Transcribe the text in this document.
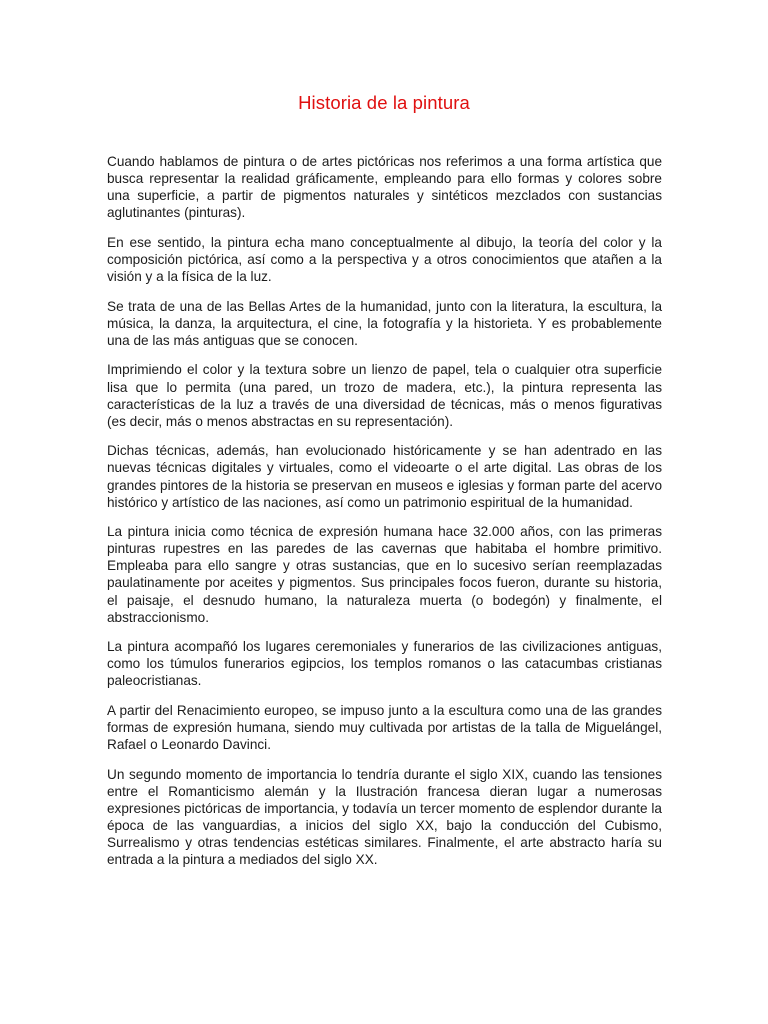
Historia de la pintura

Cuando hablamos de pintura o de artes pictóricas nos referimos a una forma artística que busca representar la realidad gráficamente, empleando para ello formas y colores sobre una superficie, a partir de pigmentos naturales y sintéticos mezclados con sustancias aglutinantes (pinturas).

En ese sentido, la pintura echa mano conceptualmente al dibujo, la teoría del color y la composición pictórica, así como a la perspectiva y a otros conocimientos que atañen a la visión y a la física de la luz.

Se trata de una de las Bellas Artes de la humanidad, junto con la literatura, la escultura, la música, la danza, la arquitectura, el cine, la fotografía y la historieta. Y es probablemente una de las más antiguas que se conocen.

Imprimiendo el color y la textura sobre un lienzo de papel, tela o cualquier otra superficie lisa que lo permita (una pared, un trozo de madera, etc.), la pintura representa las características de la luz a través de una diversidad de técnicas, más o menos figurativas (es decir, más o menos abstractas en su representación).

Dichas técnicas, además, han evolucionado históricamente y se han adentrado en las nuevas técnicas digitales y virtuales, como el videoarte o el arte digital. Las obras de los grandes pintores de la historia se preservan en museos e iglesias y forman parte del acervo histórico y artístico de las naciones, así como un patrimonio espiritual de la humanidad.

La pintura inicia como técnica de expresión humana hace 32.000 años, con las primeras pinturas rupestres en las paredes de las cavernas que habitaba el hombre primitivo. Empleaba para ello sangre y otras sustancias, que en lo sucesivo serían reemplazadas paulatinamente por aceites y pigmentos. Sus principales focos fueron, durante su historia, el paisaje, el desnudo humano, la naturaleza muerta (o bodegón) y finalmente, el abstraccionismo.

La pintura acompañó los lugares ceremoniales y funerarios de las civilizaciones antiguas, como los túmulos funerarios egipcios, los templos romanos o las catacumbas cristianas paleocristianas.

A partir del Renacimiento europeo, se impuso junto a la escultura como una de las grandes formas de expresión humana, siendo muy cultivada por artistas de la talla de Miguelángel, Rafael o Leonardo Davinci.

Un segundo momento de importancia lo tendría durante el siglo XIX, cuando las tensiones entre el Romanticismo alemán y la Ilustración francesa dieran lugar a numerosas expresiones pictóricas de importancia, y todavía un tercer momento de esplendor durante la época de las vanguardias, a inicios del siglo XX, bajo la conducción del Cubismo, Surrealismo y otras tendencias estéticas similares. Finalmente, el arte abstracto haría su entrada a la pintura a mediados del siglo XX.
